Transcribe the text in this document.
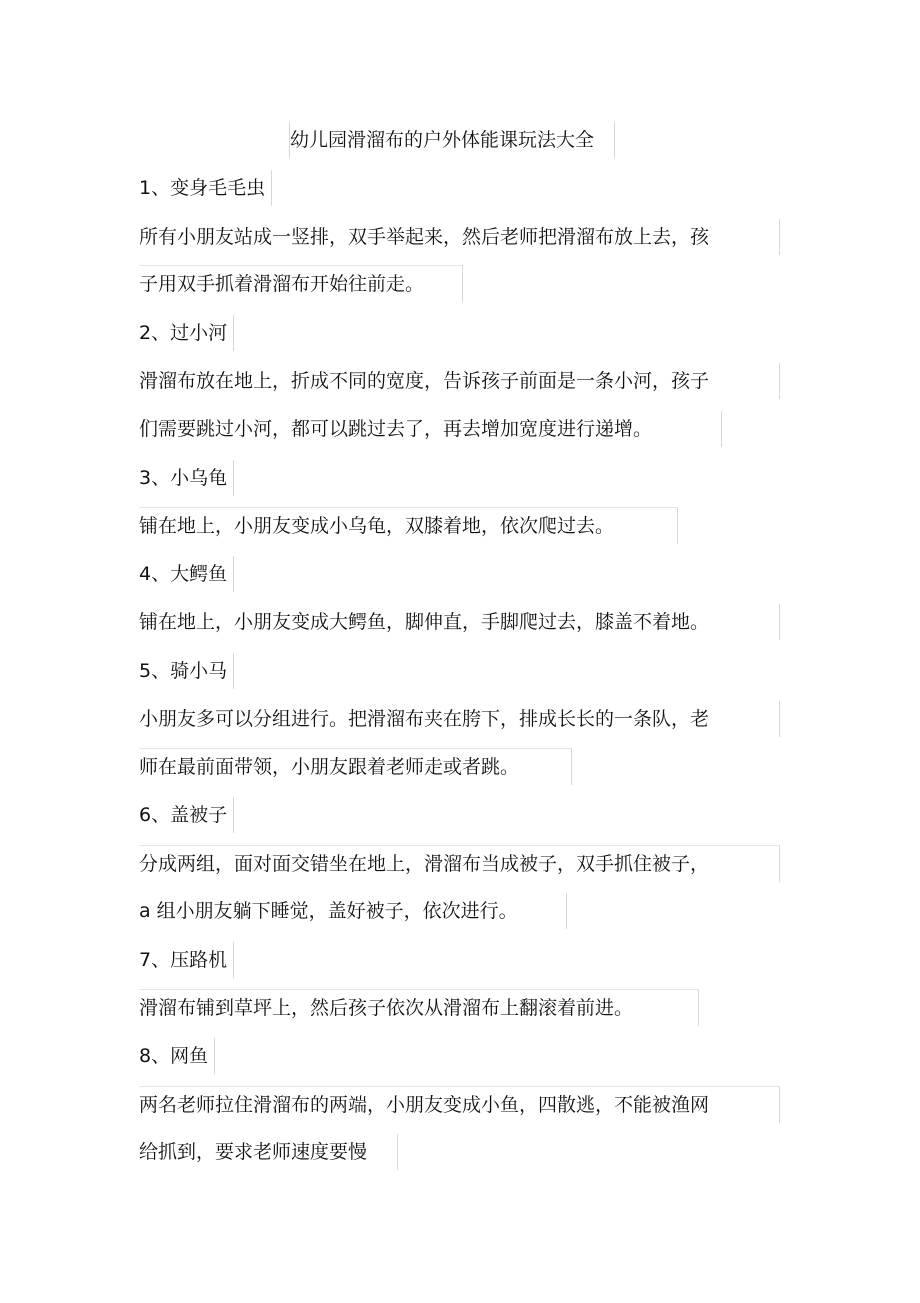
幼儿园滑溜布的户外体能课玩法大全
1、变身毛毛虫
所有小朋友站成一竖排，双手举起来，然后老师把滑溜布放上去，孩
子用双手抓着滑溜布开始往前走。
2、过小河
滑溜布放在地上，折成不同的宽度，告诉孩子前面是一条小河，孩子
们需要跳过小河，都可以跳过去了，再去增加宽度进行递增。
3、小乌龟
铺在地上，小朋友变成小乌龟，双膝着地，依次爬过去。
4、大鳄鱼
铺在地上，小朋友变成大鳄鱼，脚伸直，手脚爬过去，膝盖不着地。
5、骑小马
小朋友多可以分组进行。把滑溜布夹在胯下，排成长长的一条队，老
师在最前面带领，小朋友跟着老师走或者跳。
6、盖被子
分成两组，面对面交错坐在地上，滑溜布当成被子，双手抓住被子，
a 组小朋友躺下睡觉，盖好被子，依次进行。
7、压路机
滑溜布铺到草坪上，然后孩子依次从滑溜布上翻滚着前进。
8、网鱼
两名老师拉住滑溜布的两端，小朋友变成小鱼，四散逃，不能被渔网
给抓到，要求老师速度要慢
